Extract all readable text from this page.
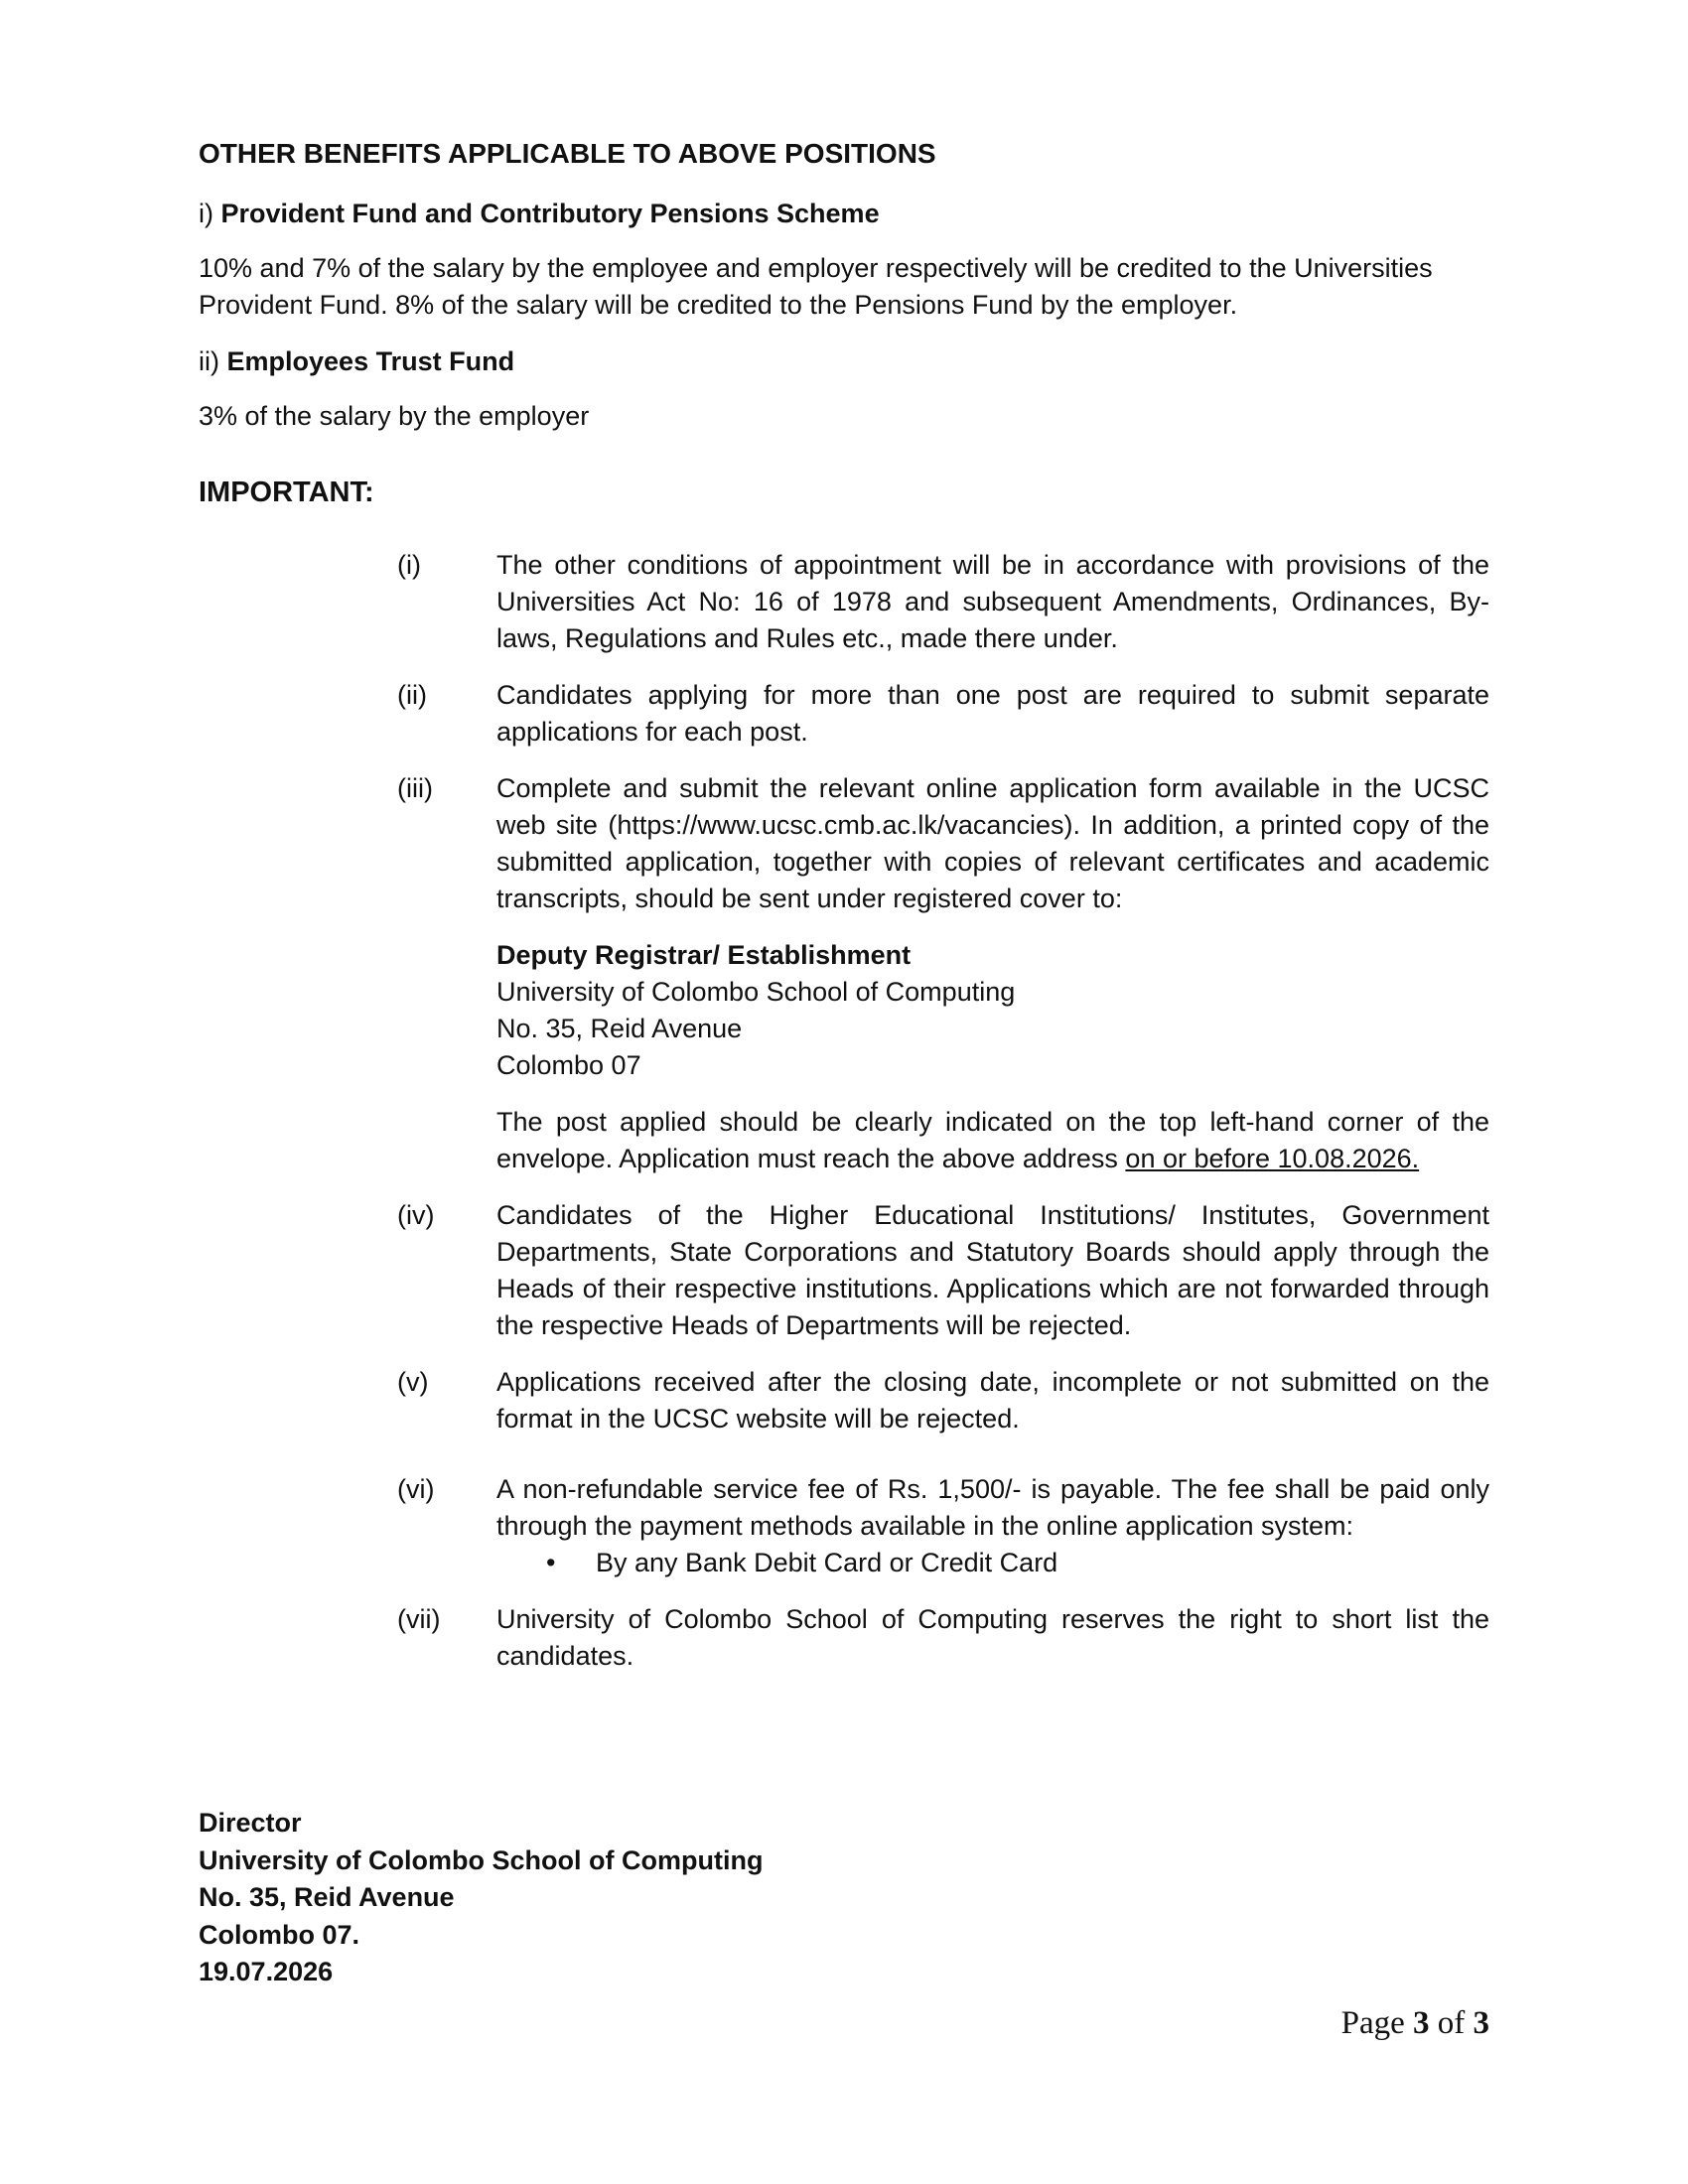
OTHER BENEFITS APPLICABLE TO ABOVE POSITIONS
i) Provident Fund and Contributory Pensions Scheme
10% and 7% of the salary by the employee and employer respectively will be credited to the Universities Provident Fund. 8% of the salary will be credited to the Pensions Fund by the employer.
ii) Employees Trust Fund
3% of the salary by the employer
IMPORTANT:
(i)	The other conditions of appointment will be in accordance with provisions of the Universities Act No: 16 of 1978 and subsequent Amendments, Ordinances, By-laws, Regulations and Rules etc., made there under.
(ii)	Candidates applying for more than one post are required to submit separate applications for each post.
(iii)	Complete and submit the relevant online application form available in the UCSC web site (https://www.ucsc.cmb.ac.lk/vacancies). In addition, a printed copy of the submitted application, together with copies of relevant certificates and academic transcripts, should be sent under registered cover to:
Deputy Registrar/ Establishment
University of Colombo School of Computing
No. 35, Reid Avenue
Colombo 07
The post applied should be clearly indicated on the top left-hand corner of the envelope. Application must reach the above address on or before 10.08.2026.
(iv)	Candidates of the Higher Educational Institutions/ Institutes, Government Departments, State Corporations and Statutory Boards should apply through the Heads of their respective institutions. Applications which are not forwarded through the respective Heads of Departments will be rejected.
(v)	Applications received after the closing date, incomplete or not submitted on the format in the UCSC website will be rejected.
(vi)	A non-refundable service fee of Rs. 1,500/- is payable. The fee shall be paid only through the payment methods available in the online application system:
•	By any Bank Debit Card or Credit Card
(vii)	University of Colombo School of Computing reserves the right to short list the candidates.
Director
University of Colombo School of Computing
No. 35, Reid Avenue
Colombo 07.
19.07.2026
Page 3 of 3
